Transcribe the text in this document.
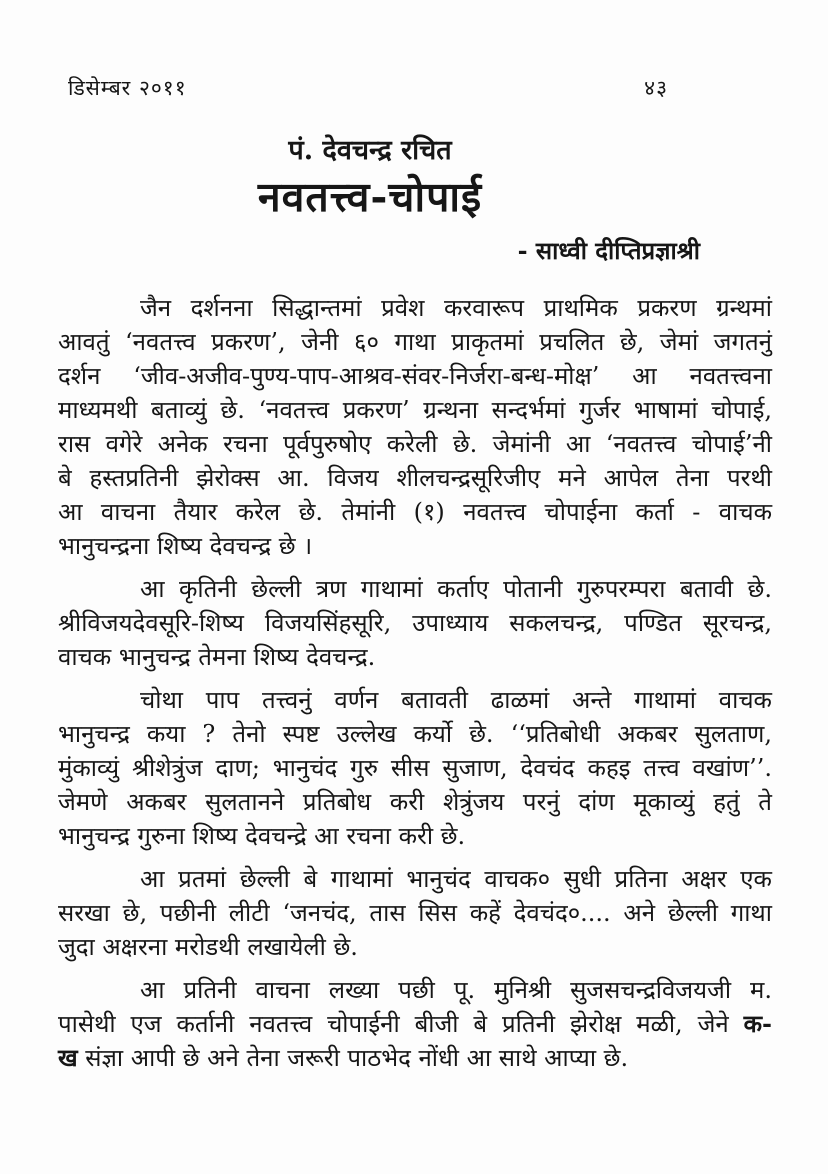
डिसेम्बर २०११	४३
पं. देवचन्द्र रचित
नवतत्त्व-चोपाई
- साध्वी दीप्तिप्रज्ञाश्री
जैन दर्शनना सिद्धान्तमां प्रवेश करवारूप प्राथमिक प्रकरण ग्रन्थमां
आवतुं ‘नवतत्त्व प्रकरण’, जेनी ६० गाथा प्राकृतमां प्रचलित छे, जेमां जगतनुं
दर्शन ‘जीव-अजीव-पुण्य-पाप-आश्रव-संवर-निर्जरा-बन्ध-मोक्ष’ आ नवतत्त्वना
माध्यमथी बताव्युं छे. ‘नवतत्त्व प्रकरण’ ग्रन्थना सन्दर्भमां गुर्जर भाषामां चोपाई,
रास वगेरे अनेक रचना पूर्वपुरुषोए करेली छे. जेमांनी आ ‘नवतत्त्व चोपाई’नी
बे हस्तप्रतिनी झेरोक्स आ. विजय शीलचन्द्रसूरिजीए मने आपेल तेना परथी
आ वाचना तैयार करेल छे. तेमांनी (१) नवतत्त्व चोपाईना कर्ता - वाचक
भानुचन्द्रना शिष्य देवचन्द्र छे ।
आ कृतिनी छेल्ली त्रण गाथामां कर्ताए पोतानी गुरुपरम्परा बतावी छे.
श्रीविजयदेवसूरि-शिष्य विजयसिंहसूरि, उपाध्याय सकलचन्द्र, पण्डित सूरचन्द्र,
वाचक भानुचन्द्र तेमना शिष्य देवचन्द्र.
चोथा पाप तत्त्वनुं वर्णन बतावती ढाळमां अन्ते गाथामां वाचक
भानुचन्द्र कया ? तेनो स्पष्ट उल्लेख कर्यो छे. ‘‘प्रतिबोधी अकबर सुलताण,
मुंकाव्युं श्रीशेत्रुंज दाण; भानुचंद गुरु सीस सुजाण, देवचंद कहइ तत्त्व वखांण’’.
जेमणे अकबर सुलतानने प्रतिबोध करी शेत्रुंजय परनुं दांण मूकाव्युं हतुं ते
भानुचन्द्र गुरुना शिष्य देवचन्द्रे आ रचना करी छे.
आ प्रतमां छेल्ली बे गाथामां भानुचंद वाचक० सुधी प्रतिना अक्षर एक
सरखा छे, पछीनी लीटी ‘जनचंद, तास सिस कहें देवचंद०.... अने छेल्ली गाथा
जुदा अक्षरना मरोडथी लखायेली छे.
आ प्रतिनी वाचना लख्या पछी पू. मुनिश्री सुजसचन्द्रविजयजी म.
पासेथी एज कर्तानी नवतत्त्व चोपाईनी बीजी बे प्रतिनी झेरोक्ष मळी, जेने क-
ख संज्ञा आपी छे अने तेना जरूरी पाठभेद नोंधी आ साथे आप्या छे.
